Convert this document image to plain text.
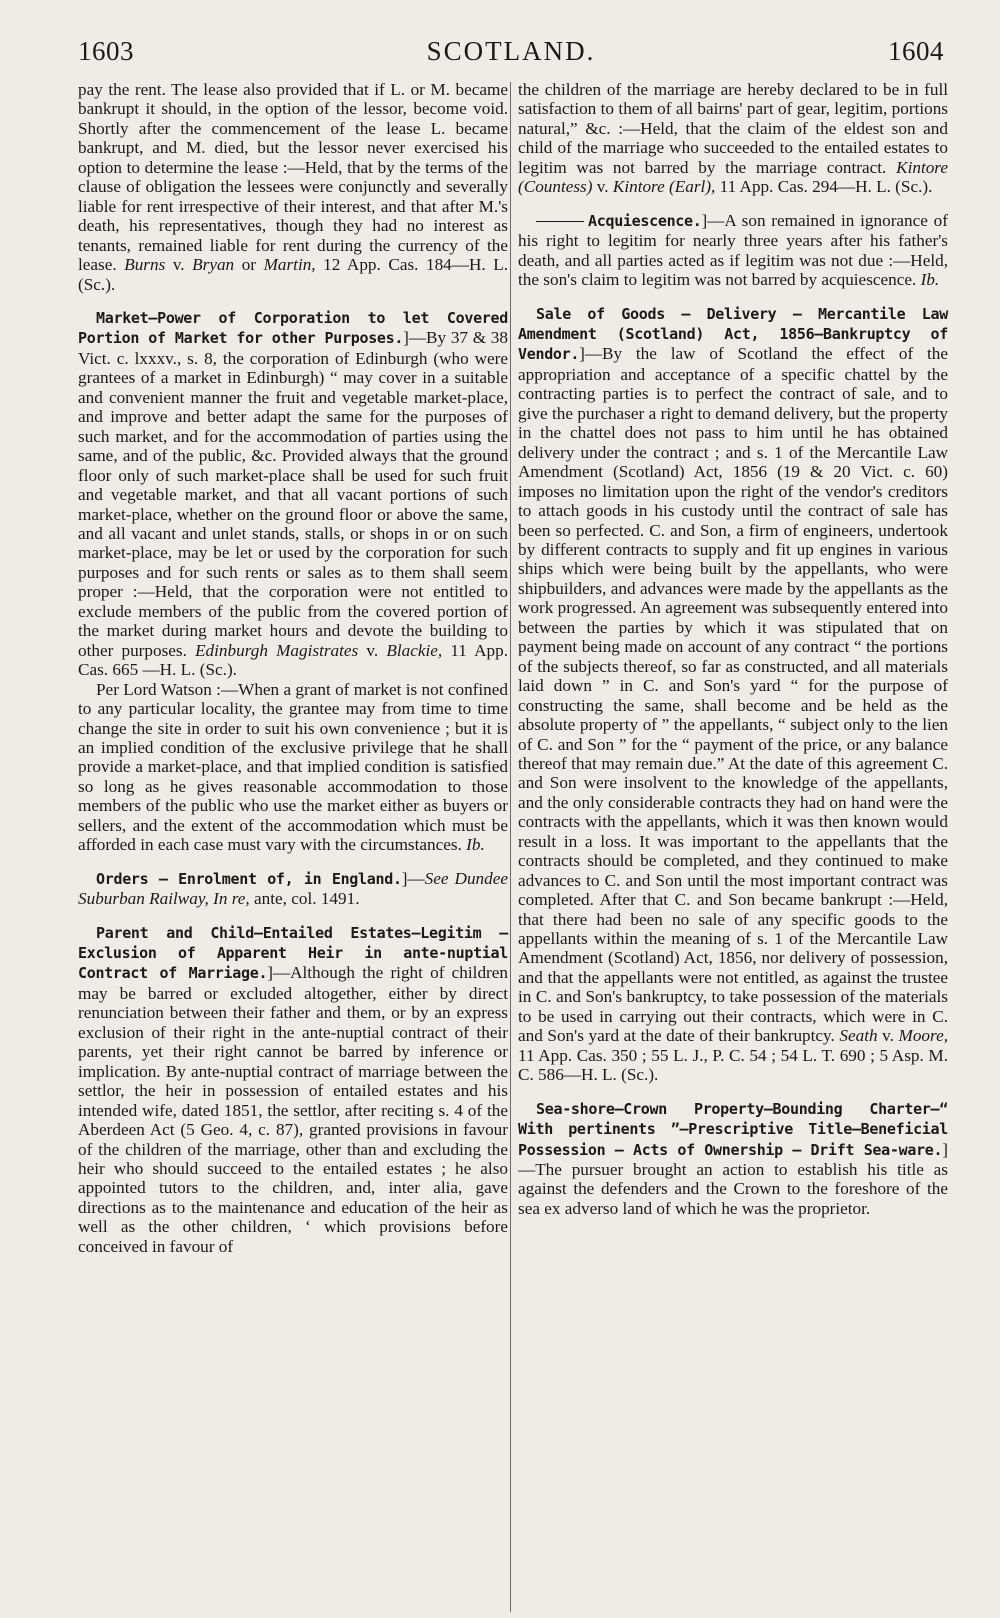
1603	SCOTLAND.	1604

pay the rent. The lease also provided that if L. or M. became bankrupt it should, in the option of the lessor, become void. Shortly after the commencement of the lease L. became bankrupt, and M. died, but the lessor never exercised his option to determine the lease :—Held, that by the terms of the clause of obligation the lessees were conjunctly and severally liable for rent irrespective of their interest, and that after M.'s death, his representatives, though they had no interest as tenants, remained liable for rent during the currency of the lease. Burns v. Bryan or Martin, 12 App. Cas. 184—H. L. (Sc.).

Market—Power of Corporation to let Covered Portion of Market for other Purposes.]—By 37 & 38 Vict. c. lxxxv., s. 8, the corporation of Edinburgh (who were grantees of a market in Edinburgh) “ may cover in a suitable and convenient manner the fruit and vegetable market-place, and improve and better adapt the same for the purposes of such market, and for the accommodation of parties using the same, and of the public, &c. Provided always that the ground floor only of such market-place shall be used for such fruit and vegetable market, and that all vacant portions of such market-place, whether on the ground floor or above the same, and all vacant and unlet stands, stalls, or shops in or on such market-place, may be let or used by the corporation for such purposes and for such rents or sales as to them shall seem proper :—Held, that the corporation were not entitled to exclude members of the public from the covered portion of the market during market hours and devote the building to other purposes. Edinburgh Magistrates v. Blackie, 11 App. Cas. 665 —H. L. (Sc.).

Per Lord Watson :—When a grant of market is not confined to any particular locality, the grantee may from time to time change the site in order to suit his own convenience ; but it is an implied condition of the exclusive privilege that he shall provide a market-place, and that implied condition is satisfied so long as he gives reasonable accommodation to those members of the public who use the market either as buyers or sellers, and the extent of the accommodation which must be afforded in each case must vary with the circumstances. Ib.

Orders — Enrolment of, in England.]—See Dundee Suburban Railway, In re, ante, col. 1491.

Parent and Child—Entailed Estates—Legitim —Exclusion of Apparent Heir in ante-nuptial Contract of Marriage.]—Although the right of children may be barred or excluded altogether, either by direct renunciation between their father and them, or by an express exclusion of their right in the ante-nuptial contract of their parents, yet their right cannot be barred by inference or implication. By ante-nuptial contract of marriage between the settlor, the heir in possession of entailed estates and his intended wife, dated 1851, the settlor, after reciting s. 4 of the Aberdeen Act (5 Geo. 4, c. 87), granted provisions in favour of the children of the marriage, other than and excluding the heir who should succeed to the entailed estates ; he also appointed tutors to the children, and, inter alia, gave directions as to the maintenance and education of the heir as well as the other children, ‘ which provisions before conceived in favour of

the children of the marriage are hereby declared to be in full satisfaction to them of all bairns' part of gear, legitim, portions natural,” &c. :—Held, that the claim of the eldest son and child of the marriage who succeeded to the entailed estates to legitim was not barred by the marriage contract. Kintore (Countess) v. Kintore (Earl), 11 App. Cas. 294—H. L. (Sc.).

Acquiescence.]—A son remained in ignorance of his right to legitim for nearly three years after his father's death, and all parties acted as if legitim was not due :—Held, the son's claim to legitim was not barred by acquiescence. Ib.

Sale of Goods — Delivery — Mercantile Law Amendment (Scotland) Act, 1856—Bankruptcy of Vendor.]—By the law of Scotland the effect of the appropriation and acceptance of a specific chattel by the contracting parties is to perfect the contract of sale, and to give the purchaser a right to demand delivery, but the property in the chattel does not pass to him until he has obtained delivery under the contract ; and s. 1 of the Mercantile Law Amendment (Scotland) Act, 1856 (19 & 20 Vict. c. 60) imposes no limitation upon the right of the vendor's creditors to attach goods in his custody until the contract of sale has been so perfected. C. and Son, a firm of engineers, undertook by different contracts to supply and fit up engines in various ships which were being built by the appellants, who were shipbuilders, and advances were made by the appellants as the work progressed. An agreement was subsequently entered into between the parties by which it was stipulated that on payment being made on account of any contract “ the portions of the subjects thereof, so far as constructed, and all materials laid down ” in C. and Son's yard “ for the purpose of constructing the same, shall become and be held as the absolute property of ” the appellants, “ subject only to the lien of C. and Son ” for the “ payment of the price, or any balance thereof that may remain due.” At the date of this agreement C. and Son were insolvent to the knowledge of the appellants, and the only considerable contracts they had on hand were the contracts with the appellants, which it was then known would result in a loss. It was important to the appellants that the contracts should be completed, and they continued to make advances to C. and Son until the most important contract was completed. After that C. and Son became bankrupt :—Held, that there had been no sale of any specific goods to the appellants within the meaning of s. 1 of the Mercantile Law Amendment (Scotland) Act, 1856, nor delivery of possession, and that the appellants were not entitled, as against the trustee in C. and Son's bankruptcy, to take possession of the materials to be used in carrying out their contracts, which were in C. and Son's yard at the date of their bankruptcy. Seath v. Moore, 11 App. Cas. 350 ; 55 L. J., P. C. 54 ; 54 L. T. 690 ; 5 Asp. M. C. 586—H. L. (Sc.).

Sea-shore—Crown Property—Bounding Charter—“ With pertinents ”—Prescriptive Title—Beneficial Possession — Acts of Ownership — Drift Sea-ware.]—The pursuer brought an action to establish his title as against the defenders and the Crown to the foreshore of the sea ex adverso land of which he was the proprietor.
